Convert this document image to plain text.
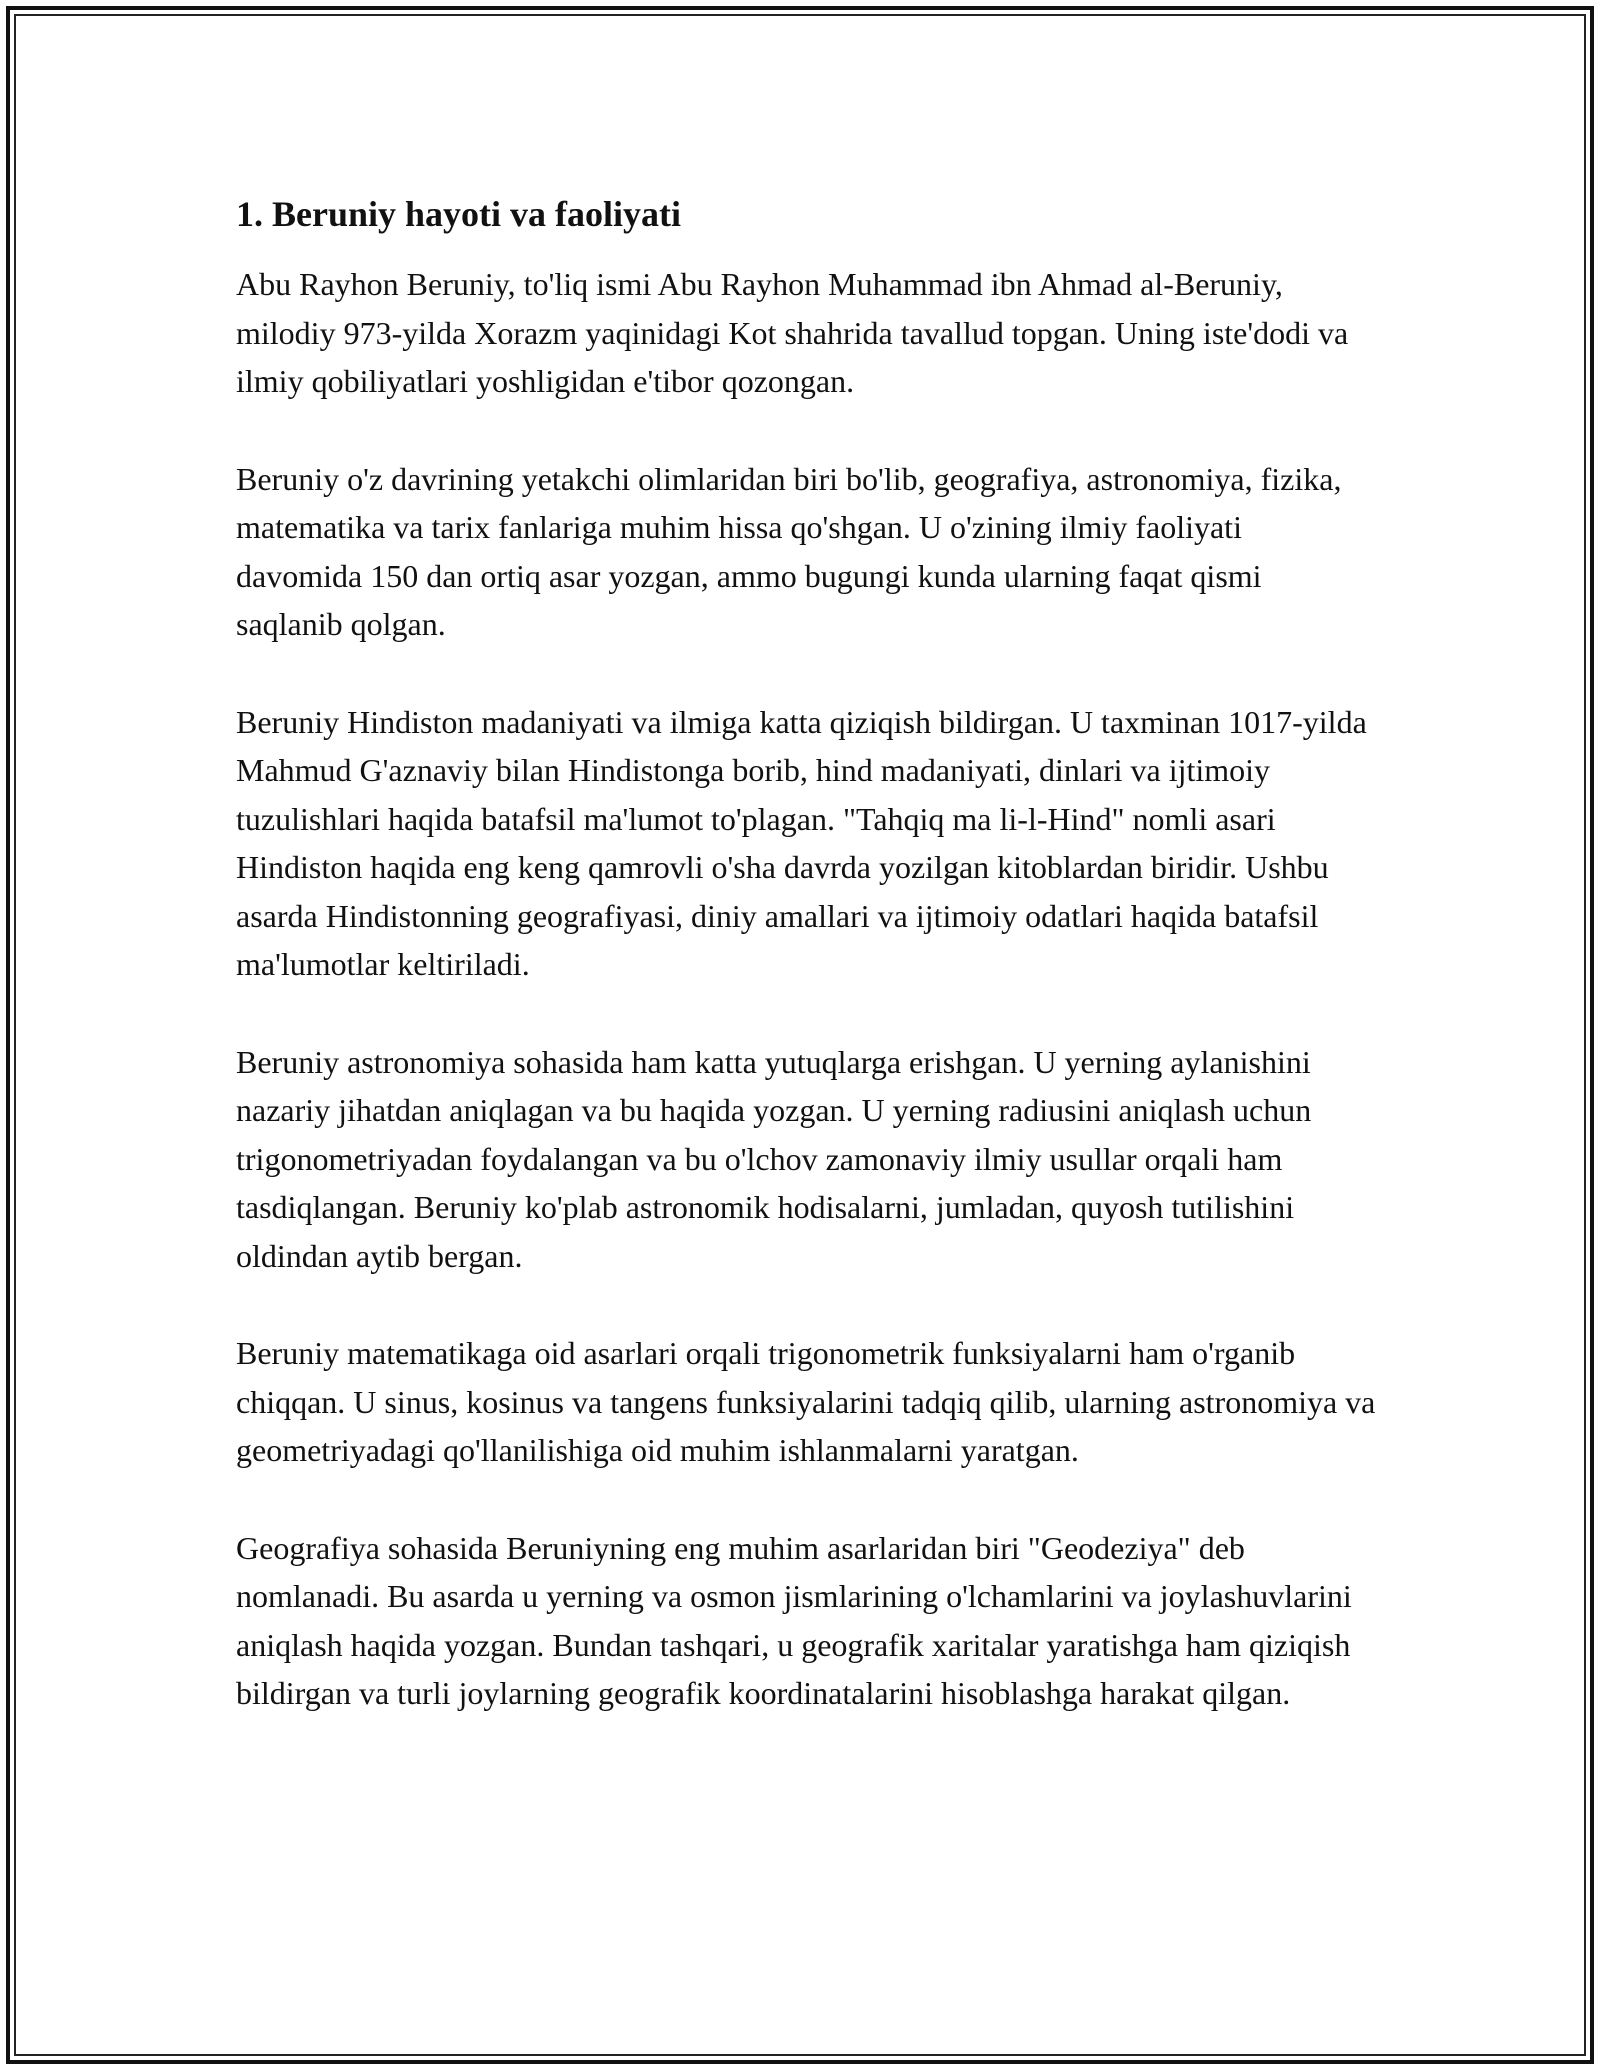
1. Beruniy hayoti va faoliyati

Abu Rayhon Beruniy, to'liq ismi Abu Rayhon Muhammad ibn Ahmad al-Beruniy, milodiy 973-yilda Xorazm yaqinidagi Kot shahrida tavallud topgan. Uning iste'dodi va ilmiy qobiliyatlari yoshligidan e'tibor qozongan.

Beruniy o'z davrining yetakchi olimlaridan biri bo'lib, geografiya, astronomiya, fizika, matematika va tarix fanlariga muhim hissa qo'shgan. U o'zining ilmiy faoliyati davomida 150 dan ortiq asar yozgan, ammo bugungi kunda ularning faqat qismi saqlanib qolgan.

Beruniy Hindiston madaniyati va ilmiga katta qiziqish bildirgan. U taxminan 1017-yilda Mahmud G'aznaviy bilan Hindistonga borib, hind madaniyati, dinlari va ijtimoiy tuzulishlari haqida batafsil ma'lumot to'plagan. "Tahqiq ma li-l-Hind" nomli asari Hindiston haqida eng keng qamrovli o'sha davrda yozilgan kitoblardan biridir. Ushbu asarda Hindistonning geografiyasi, diniy amallari va ijtimoiy odatlari haqida batafsil ma'lumotlar keltiriladi.

Beruniy astronomiya sohasida ham katta yutuqlarga erishgan. U yerning aylanishini nazariy jihatdan aniqlagan va bu haqida yozgan. U yerning radiusini aniqlash uchun trigonometriyadan foydalangan va bu o'lchov zamonaviy ilmiy usullar orqali ham tasdiqlangan. Beruniy ko'plab astronomik hodisalarni, jumladan, quyosh tutilishini oldindan aytib bergan.

Beruniy matematikaga oid asarlari orqali trigonometrik funksiyalarni ham o'rganib chiqqan. U sinus, kosinus va tangens funksiyalarini tadqiq qilib, ularning astronomiya va geometriyadagi qo'llanilishiga oid muhim ishlanmalarni yaratgan.

Geografiya sohasida Beruniyning eng muhim asarlaridan biri "Geodeziya" deb nomlanadi. Bu asarda u yerning va osmon jismlarining o'lchamlarini va joylashuvlarini aniqlash haqida yozgan. Bundan tashqari, u geografik xaritalar yaratishga ham qiziqish bildirgan va turli joylarning geografik koordinatalarini hisoblashga harakat qilgan.
